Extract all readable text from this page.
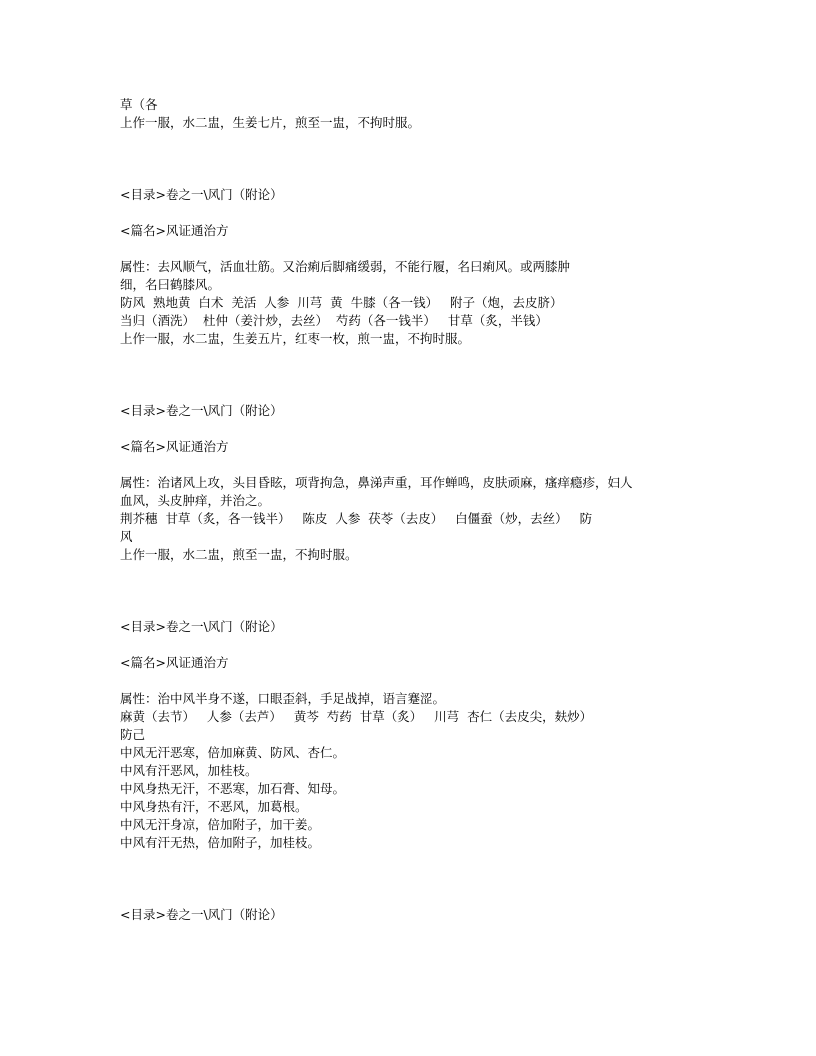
草（各

上作一服，水二盅，生姜七片，煎至一盅，不拘时服。

<目录>卷之一\风门（附论）

<篇名>风证通治方

属性：去风顺气，活血壮筋。又治痢后脚痛缓弱，不能行履，名曰痢风。或两膝肿

细，名曰鹤膝风。

防风  熟地黄  白术  羌活  人参  川芎  黄  牛膝（各一钱）   附子（炮，去皮脐）

当归（酒洗）  杜仲（姜汁炒，去丝）  芍药（各一钱半）   甘草（炙，半钱）

上作一服，水二盅，生姜五片，红枣一枚，煎一盅，不拘时服。

<目录>卷之一\风门（附论）

<篇名>风证通治方

属性：治诸风上攻，头目昏眩，项背拘急，鼻涕声重，耳作蝉鸣，皮肤顽麻，瘙痒瘾疹，妇人

血风，头皮肿痒，并治之。

荆芥穗  甘草（炙，各一钱半）   陈皮  人参  茯苓（去皮）   白僵蚕（炒，去丝）   防

风

上作一服，水二盅，煎至一盅，不拘时服。

<目录>卷之一\风门（附论）

<篇名>风证通治方

属性：治中风半身不遂，口眼歪斜，手足战掉，语言蹇涩。

麻黄（去节）   人参（去芦）   黄芩  芍药  甘草（炙）   川芎  杏仁（去皮尖，麸炒）

防己

中风无汗恶寒，倍加麻黄、防风、杏仁。

中风有汗恶风，加桂枝。

中风身热无汗，不恶寒，加石膏、知母。

中风身热有汗，不恶风，加葛根。

中风无汗身凉，倍加附子，加干姜。

中风有汗无热，倍加附子，加桂枝。

<目录>卷之一\风门（附论）
